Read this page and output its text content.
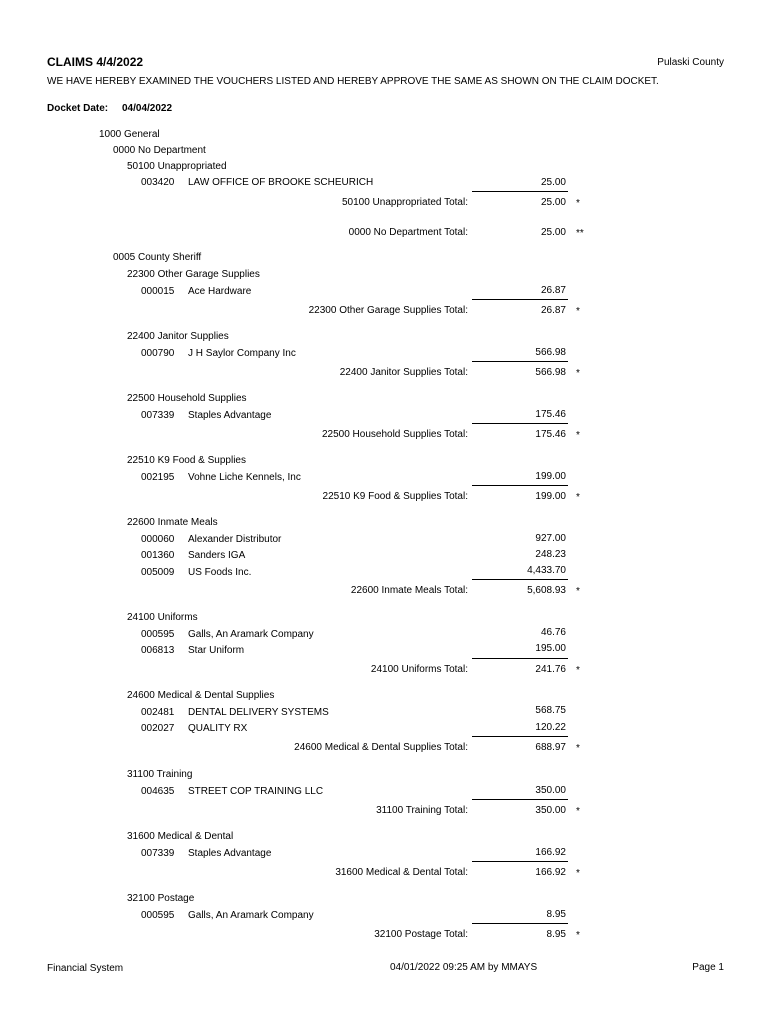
CLAIMS 4/4/2022	Pulaski County
WE HAVE HEREBY EXAMINED THE VOUCHERS LISTED AND HEREBY APPROVE THE SAME AS SHOWN ON THE CLAIM DOCKET.
Docket Date: 04/04/2022
1000 General
0000 No Department
50100 Unappropriated
003420 LAW OFFICE OF BROOKE SCHEURICH	25.00
50100 Unappropriated Total:	25.00 *
0000 No Department Total:	25.00 **
0005 County Sheriff
22300 Other Garage Supplies
000015 Ace Hardware	26.87
22300 Other Garage Supplies Total:	26.87 *
22400 Janitor Supplies
000790 J H Saylor Company Inc	566.98
22400 Janitor Supplies Total:	566.98 *
22500 Household Supplies
007339 Staples Advantage	175.46
22500 Household Supplies Total:	175.46 *
22510 K9 Food & Supplies
002195 Vohne Liche Kennels, Inc	199.00
22510 K9 Food & Supplies Total:	199.00 *
22600 Inmate Meals
000060 Alexander Distributor	927.00
001360 Sanders IGA	248.23
005009 US Foods Inc.	4,433.70
22600 Inmate Meals Total:	5,608.93 *
24100 Uniforms
000595 Galls, An Aramark Company	46.76
006813 Star Uniform	195.00
24100 Uniforms Total:	241.76 *
24600 Medical & Dental Supplies
002481 DENTAL DELIVERY SYSTEMS	568.75
002027 QUALITY RX	120.22
24600 Medical & Dental Supplies Total:	688.97 *
31100 Training
004635 STREET COP TRAINING LLC	350.00
31100 Training Total:	350.00 *
31600 Medical & Dental
007339 Staples Advantage	166.92
31600 Medical & Dental Total:	166.92 *
32100 Postage
000595 Galls, An Aramark Company	8.95
32100 Postage Total:	8.95 *
Financial System	04/01/2022 09:25 AM by MMAYS	Page 1
